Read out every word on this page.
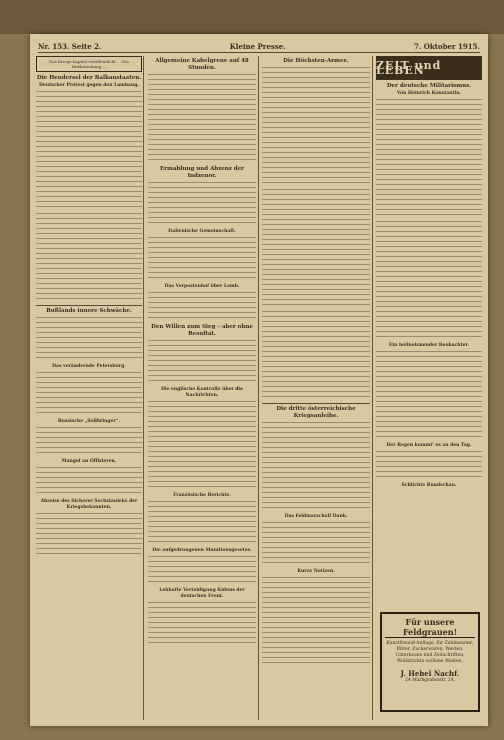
Nr. 153. Seite 2.	Kleine Presse.	7. Oktober 1915.
Das Kriegs-Kapitel veröffentlicht ... Die Heldenzeitung ...
Die Hendersel der Balkanstaaten.
Deutscher Protest gegen den Lambang.
Rußlands innere Schwäche.
Das verändernde Petersburg.
Russische „Sollbringer“.
Mangel an Offizieren.
Abreise des Sicherer Sechstauleks der Kriegsbekannten.
Allgemeine Kabelgrene auf 48 Stunden.
Ermahlung und Abzenz der Indzenor.
Italienische Gemeinschaft.
Das Vorpostenhof über Lamb.
Den Willen zum Sieg – aber ohne Resultat.
Die englische Kontrolle über die Nachrichten.
Französische Berichte.
Die aufgedrungenen Munitionsgesetze.
Lebhafte Verteidigung Kidens der deutschen Front.
Die Höchsten-Armee.
Die dritte österreichische Kriegsanleihe.
Das Feldmarschall Dank.
Kurze Notizen.
ZEIT und LEBEN
Der deutsche Militarismus.
Von Heinrich Konstantin.
Ein heilnehmender Beobachter.
Der Regen kommt' es an den Tag.
Schlichte Rundschau.
Für unsere Feldgrauen!
Kunstfreund-Auflage, für Zahlmeister; Ritter, Zuckerwaren, Westen, Unterhosen und Zeitschriften, Wollstrickte wollene Westen.
J. Hebel Nachf.
24 Markgrafenstr. 24.
